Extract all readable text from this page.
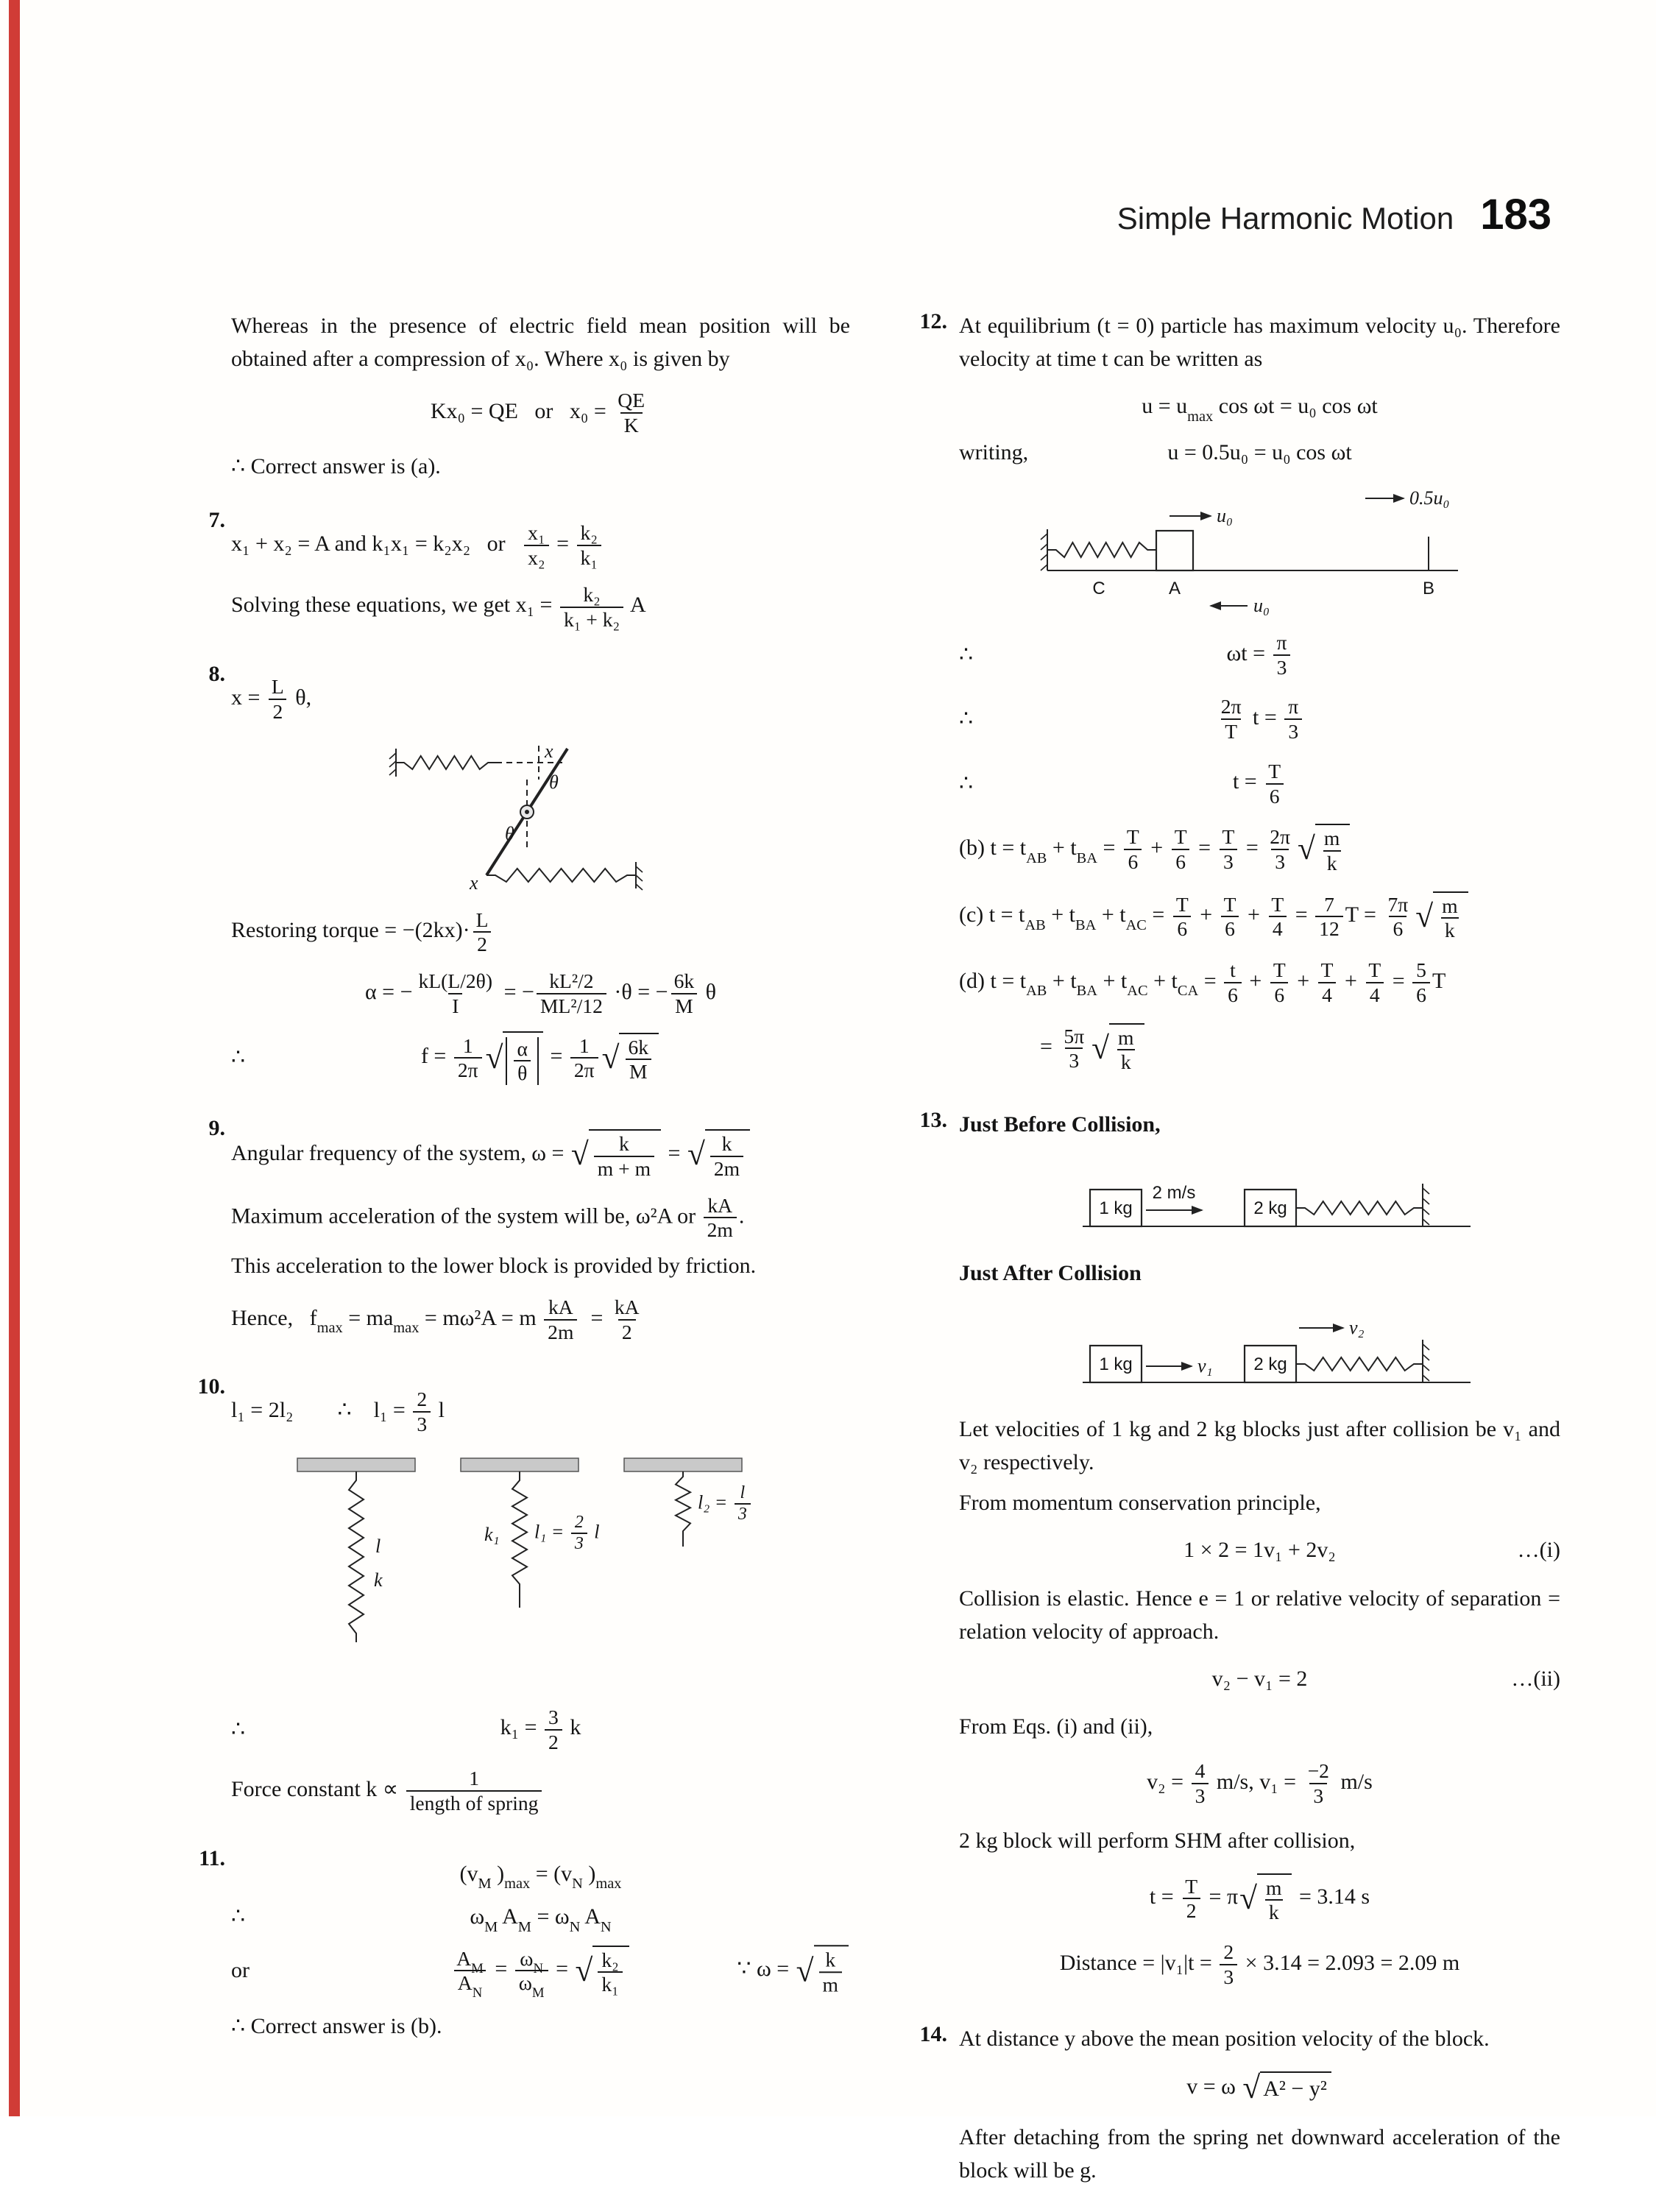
Simple Harmonic Motion 183
Whereas in the presence of electric field mean position will be obtained after a compression of x₀. Where x₀ is given by
Kx₀ = QE   or   $x_0 = \frac{QE}{K}$
∴ Correct answer is (a).
7.
x₁ + x₂ = A and k₁x₁ = k₂x₂   or $\frac{\text{x₁}}{\text{x₂}} = \frac{\text{k₂}}{\text{k₁}}$
Solving these equations, we get $x_1 = \frac{\text{k₂}}{\text{k₁ + k₂}}$ A
8.
$x = \frac{L}{2} \theta$,
x
θ
θ
x
Restoring torque = $-(2kx)\cdot \frac{L}{2}$
α = − $\frac{kL(L/2\theta)}{I}$ = − $\frac{\text{kL²/2}}{\text{ML²/12}} \cdot\theta$ = − $\frac{6k}{M}$ θ
∴	$f = \frac{1}{2\pi}$ √ $\frac{\alpha}{\theta} = \frac{1}{2\pi}$ √ $\frac{6k}{M}$
9.
Angular frequency of the system, ω = √ $\frac{k}{m + m}$ = √ $\frac{k}{2m}$
Maximum acceleration of the system will be, ω²A or $\frac{kA}{2m}$ .
This acceleration to the lower block is provided by friction.
Hence,   $f_{max} = ma_{max} = m\omega^2A = m \frac{kA}{2m} = \frac{kA}{2}$
10.
l₁ = 2l₂        ∴    $l_1 = \frac{2}{3}$ l
l
k
k₁ $l_1 = \frac{2}{3}$ l
$l_2 = \frac{l}{3}$
∴	$k_1 = \frac{3}{2}$ k
Force constant $k \propto \frac{1}{\text{length of spring}}$
11.
($v_M$ )$_{max} = (v_N$ )$_{max}$
∴	$\omega_M$ $A_M = \omega_N$ $A_N$
or	$\frac{A_M}{A_N} = \frac{\omega_N}{\omega_M}$ = √ $\frac{\text{k₂}}{\text{k₁}}$	∵ ω = √ $\frac{k}{m}$
∴ Correct answer is (b).
12. At equilibrium (t = 0) particle has maximum velocity u₀. Therefore velocity at time t can be written as
$u = u_{max}$ cos ωt = u₀ cos ωt
writing,	u = 0.5u₀ = u₀ cos ωt
0.5u₀
u₀
C	A	B
u₀
∴	$\omega t = \frac{\pi}{3}$
∴	$\frac{2\pi}{T}$ $t = \frac{\pi}{3}$
∴	$t = \frac{T}{6}$
(b) $t = t_{AB} + t_{BA} = \frac{T}{6} + \frac{T}{6} = \frac{T}{3} = \frac{2\pi}{3}$ √ $\frac{m}{k}$
(c) $t = t_{AB} + t_{BA} + t_{AC} = \frac{T}{6} + \frac{T}{6} + \frac{T}{4} = \frac{7}{12}$ $T = \frac{7\pi}{6}$ √ $\frac{m}{k}$
(d) $t = t_{AB} + t_{BA} + t_{AC} + t_{CA} = \frac{t}{6} + \frac{T}{6} + \frac{T}{4} + \frac{T}{4} = \frac{5}{6}$ T
= $\frac{5\pi}{3}$ √ $\frac{m}{k}$
13. Just Before Collision,
1 kg
2 m/s
2 kg
Just After Collision
1 kg	v₁ 2 kg
v₂
Let velocities of 1 kg and 2 kg blocks just after collision be v₁ and v₂ respectively.
From momentum conservation principle,
1 × 2 = 1v₁ + 2v₂	…(i)
Collision is elastic. Hence e = 1 or relative velocity of separation = relation velocity of approach.
v₂ − v₁ = 2	…(ii)
From Eqs. (i) and (ii),
$v_2 = \frac{4}{3} m/s$, $v_1 = \frac{-2}{3} m/s$
2 kg block will perform SHM after collision,
$t = \frac{T}{2} = \pi$ √ $\frac{m}{k} = 3.14$ s
Distance = $|v_1|t = \frac{2}{3} \times 3.14 = 2.093 = 2.09$ m
14. At distance y above the mean position velocity of the block.
v = ω √ A² − y²
After detaching from the spring net downward acceleration of the block will be g.
